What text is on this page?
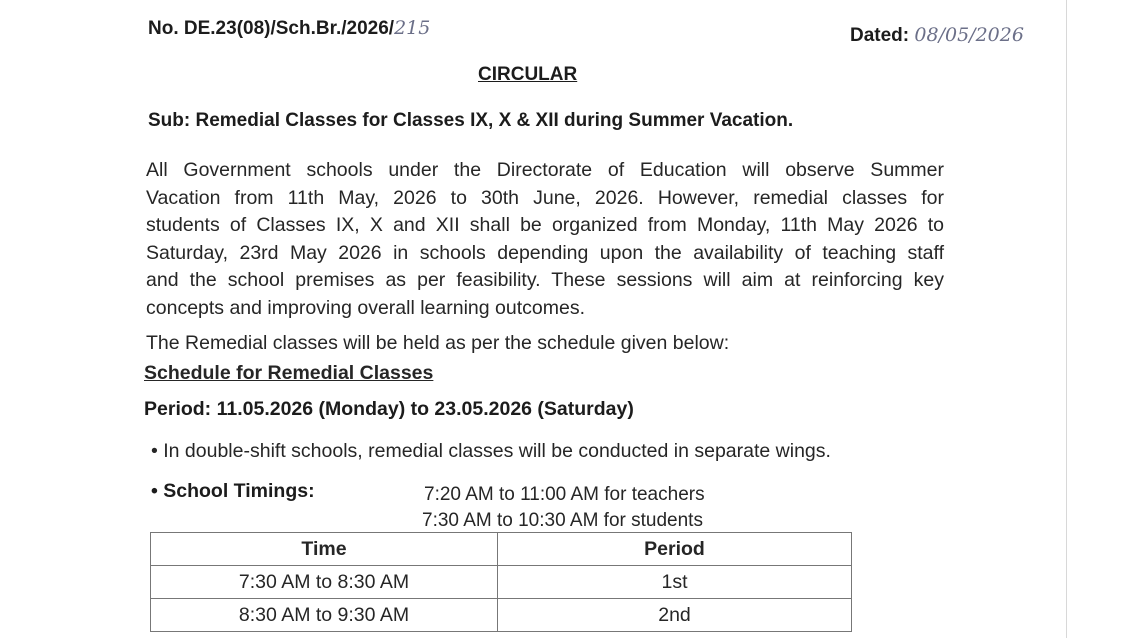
No. DE.23(08)/Sch.Br./2026/215	Dated: 08/05/2026
CIRCULAR
Sub: Remedial Classes for Classes IX, X & XII during Summer Vacation.
All Government schools under the Directorate of Education will observe Summer
Vacation from 11th May, 2026 to 30th June, 2026. However, remedial classes for
students of Classes IX, X and XII shall be organized from Monday, 11th May 2026 to
Saturday, 23rd May 2026 in schools depending upon the availability of teaching staff
and the school premises as per feasibility. These sessions will aim at reinforcing key
concepts and improving overall learning outcomes.
The Remedial classes will be held as per the schedule given below:
Schedule for Remedial Classes
Period: 11.05.2026 (Monday) to 23.05.2026 (Saturday)
• In double-shift schools, remedial classes will be conducted in separate wings.
• School Timings:	7:20 AM to 11:00 AM for teachers
7:30 AM to 10:30 AM for students
Time	Period
7:30 AM to 8:30 AM	1st
8:30 AM to 9:30 AM	2nd
